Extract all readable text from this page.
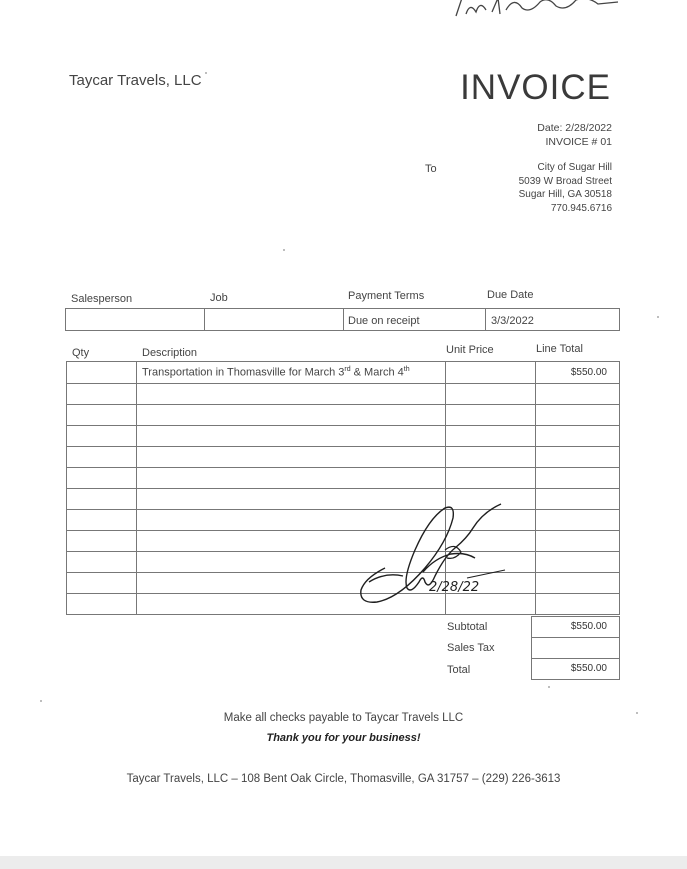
Taycar Travels, LLC	INVOICE
Date: 2/28/2022
INVOICE # 01
To	City of Sugar Hill
5039 W Broad Street
Sugar Hill, GA 30518
770.945.6716
Salesperson	Job	Payment Terms	Due Date
		Due on receipt	3/3/2022
Qty	Description	Unit Price	Line Total
	Transportation in Thomasville for March 3rd & March 4th		$550.00

Subtotal	$550.00
Sales Tax
Total	$550.00
2/28/22
Make all checks payable to Taycar Travels LLC
Thank you for your business!
Taycar Travels, LLC – 108 Bent Oak Circle, Thomasville, GA 31757 – (229) 226-3613
